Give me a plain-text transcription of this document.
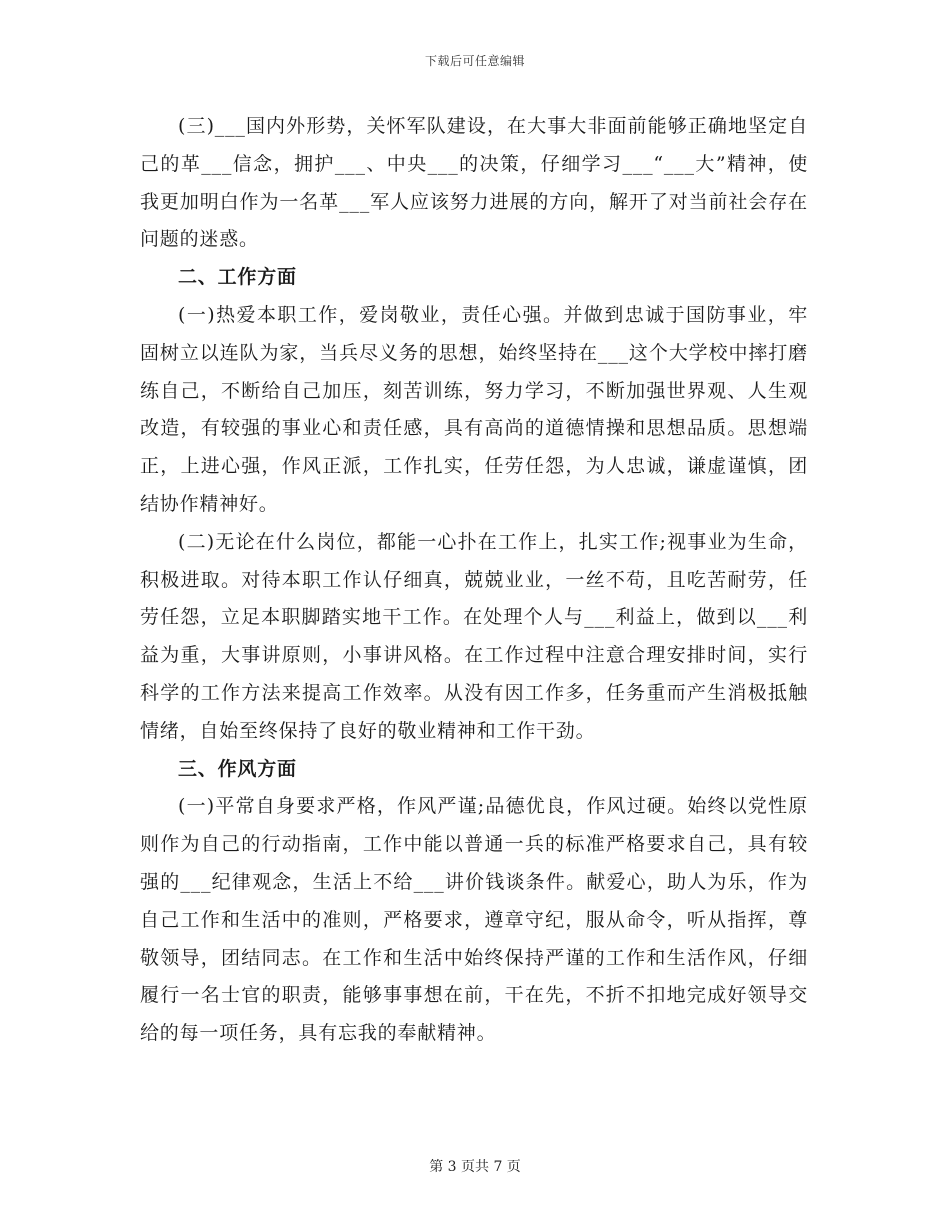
下载后可任意编辑

(三)___国内外形势，关怀军队建设，在大事大非面前能够正确地坚定自己的革___信念，拥护___、中央___的决策，仔细学习___“___大”精神，使我更加明白作为一名革___军人应该努力进展的方向，解开了对当前社会存在问题的迷惑。

二、工作方面

(一)热爱本职工作，爱岗敬业，责任心强。并做到忠诚于国防事业，牢固树立以连队为家，当兵尽义务的思想，始终坚持在___这个大学校中摔打磨练自己，不断给自己加压，刻苦训练，努力学习，不断加强世界观、人生观改造，有较强的事业心和责任感，具有高尚的道德情操和思想品质。思想端正，上进心强，作风正派，工作扎实，任劳任怨，为人忠诚，谦虚谨慎，团结协作精神好。

(二)无论在什么岗位，都能一心扑在工作上，扎实工作;视事业为生命，积极进取。对待本职工作认仔细真，兢兢业业，一丝不苟，且吃苦耐劳，任劳任怨，立足本职脚踏实地干工作。在处理个人与___利益上，做到以___利益为重，大事讲原则，小事讲风格。在工作过程中注意合理安排时间，实行科学的工作方法来提高工作效率。从没有因工作多，任务重而产生消极抵触情绪，自始至终保持了良好的敬业精神和工作干劲。

三、作风方面

(一)平常自身要求严格，作风严谨;品德优良，作风过硬。始终以党性原则作为自己的行动指南，工作中能以普通一兵的标准严格要求自己，具有较强的___纪律观念，生活上不给___讲价钱谈条件。献爱心，助人为乐，作为自己工作和生活中的准则，严格要求，遵章守纪，服从命令，听从指挥，尊敬领导，团结同志。在工作和生活中始终保持严谨的工作和生活作风，仔细履行一名士官的职责，能够事事想在前，干在先，不折不扣地完成好领导交给的每一项任务，具有忘我的奉献精神。

第 3 页共 7 页
